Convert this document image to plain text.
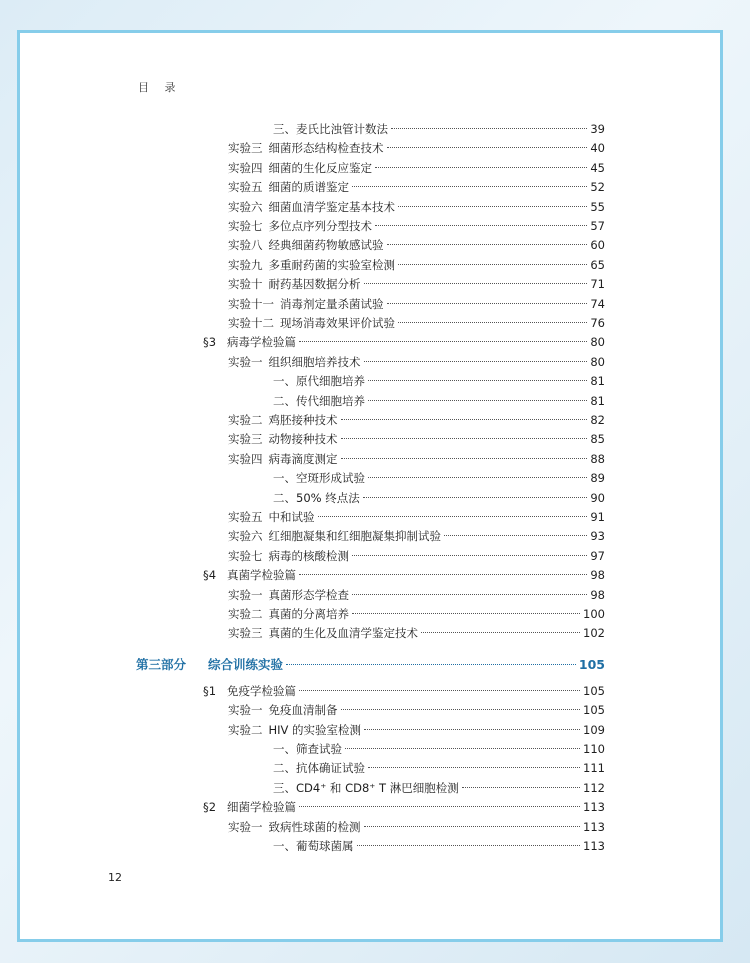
目 录
三、麦氏比浊管计数法	39
实验三 细菌形态结构检查技术	40
实验四 细菌的生化反应鉴定	45
实验五 细菌的质谱鉴定	52
实验六 细菌血清学鉴定基本技术	55
实验七 多位点序列分型技术	57
实验八 经典细菌药物敏感试验	60
实验九 多重耐药菌的实验室检测	65
实验十 耐药基因数据分析	71
实验十一 消毒剂定量杀菌试验	74
实验十二 现场消毒效果评价试验	76
§3 病毒学检验篇	80
实验一 组织细胞培养技术	80
一、原代细胞培养	81
二、传代细胞培养	81
实验二 鸡胚接种技术	82
实验三 动物接种技术	85
实验四 病毒滴度测定	88
一、空斑形成试验	89
二、50% 终点法	90
实验五 中和试验	91
实验六 红细胞凝集和红细胞凝集抑制试验	93
实验七 病毒的核酸检测	97
§4 真菌学检验篇	98
实验一 真菌形态学检查	98
实验二 真菌的分离培养	100
实验三 真菌的生化及血清学鉴定技术	102
第三部分 综合训练实验	105
§1 免疫学检验篇	105
实验一 免疫血清制备	105
实验二 HIV 的实验室检测	109
一、筛查试验	110
二、抗体确证试验	111
三、CD4⁺ 和 CD8⁺ T 淋巴细胞检测	112
§2 细菌学检验篇	113
实验一 致病性球菌的检测	113
一、葡萄球菌属	113
12
